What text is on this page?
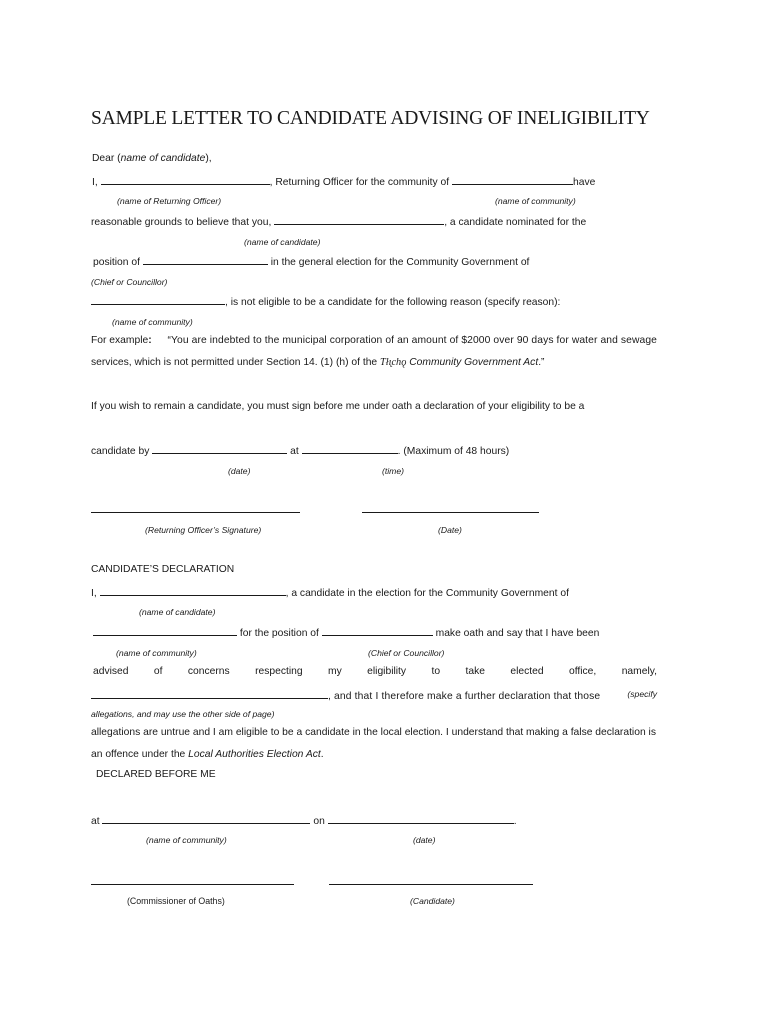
SAMPLE LETTER TO CANDIDATE ADVISING OF INELIGIBILITY
Dear (name of candidate),
I,	, Returning Officer for the community of	have
(name of Returning Officer)	(name of community)
reasonable grounds to believe that you,	, a candidate nominated for the
(name of candidate)
position of	in the general election for the Community Government of
(Chief or Councillor)
, is not eligible to be a candidate for the following reason (specify reason):
(name of community)
For example: “You are indebted to the municipal corporation of an amount of $2000 over 90 days for water and sewage
services, which is not permitted under Section 14. (1) (h) of the Tłı̨chǫ Community Government Act.”
If you wish to remain a candidate, you must sign before me under oath a declaration of your eligibility to be a
candidate by	at	. (Maximum of 48 hours)
(date)	(time)
(Returning Officer’s Signature)	(Date)
CANDIDATE’S DECLARATION
I,	, a candidate in the election for the Community Government of
(name of candidate)
for the position of	make oath and say that I have been
(name of community)	(Chief or Councillor)
advised of concerns respecting my eligibility to take elected office, namely,
, and that I therefore make a further declaration that those	(specify
allegations, and may use the other side of page)
allegations are untrue and I am eligible to be a candidate in the local election. I understand that making a false declaration is
an offence under the Local Authorities Election Act.
DECLARED BEFORE ME
at	on	.
(name of community)	(date)
(Commissioner of Oaths)	(Candidate)
